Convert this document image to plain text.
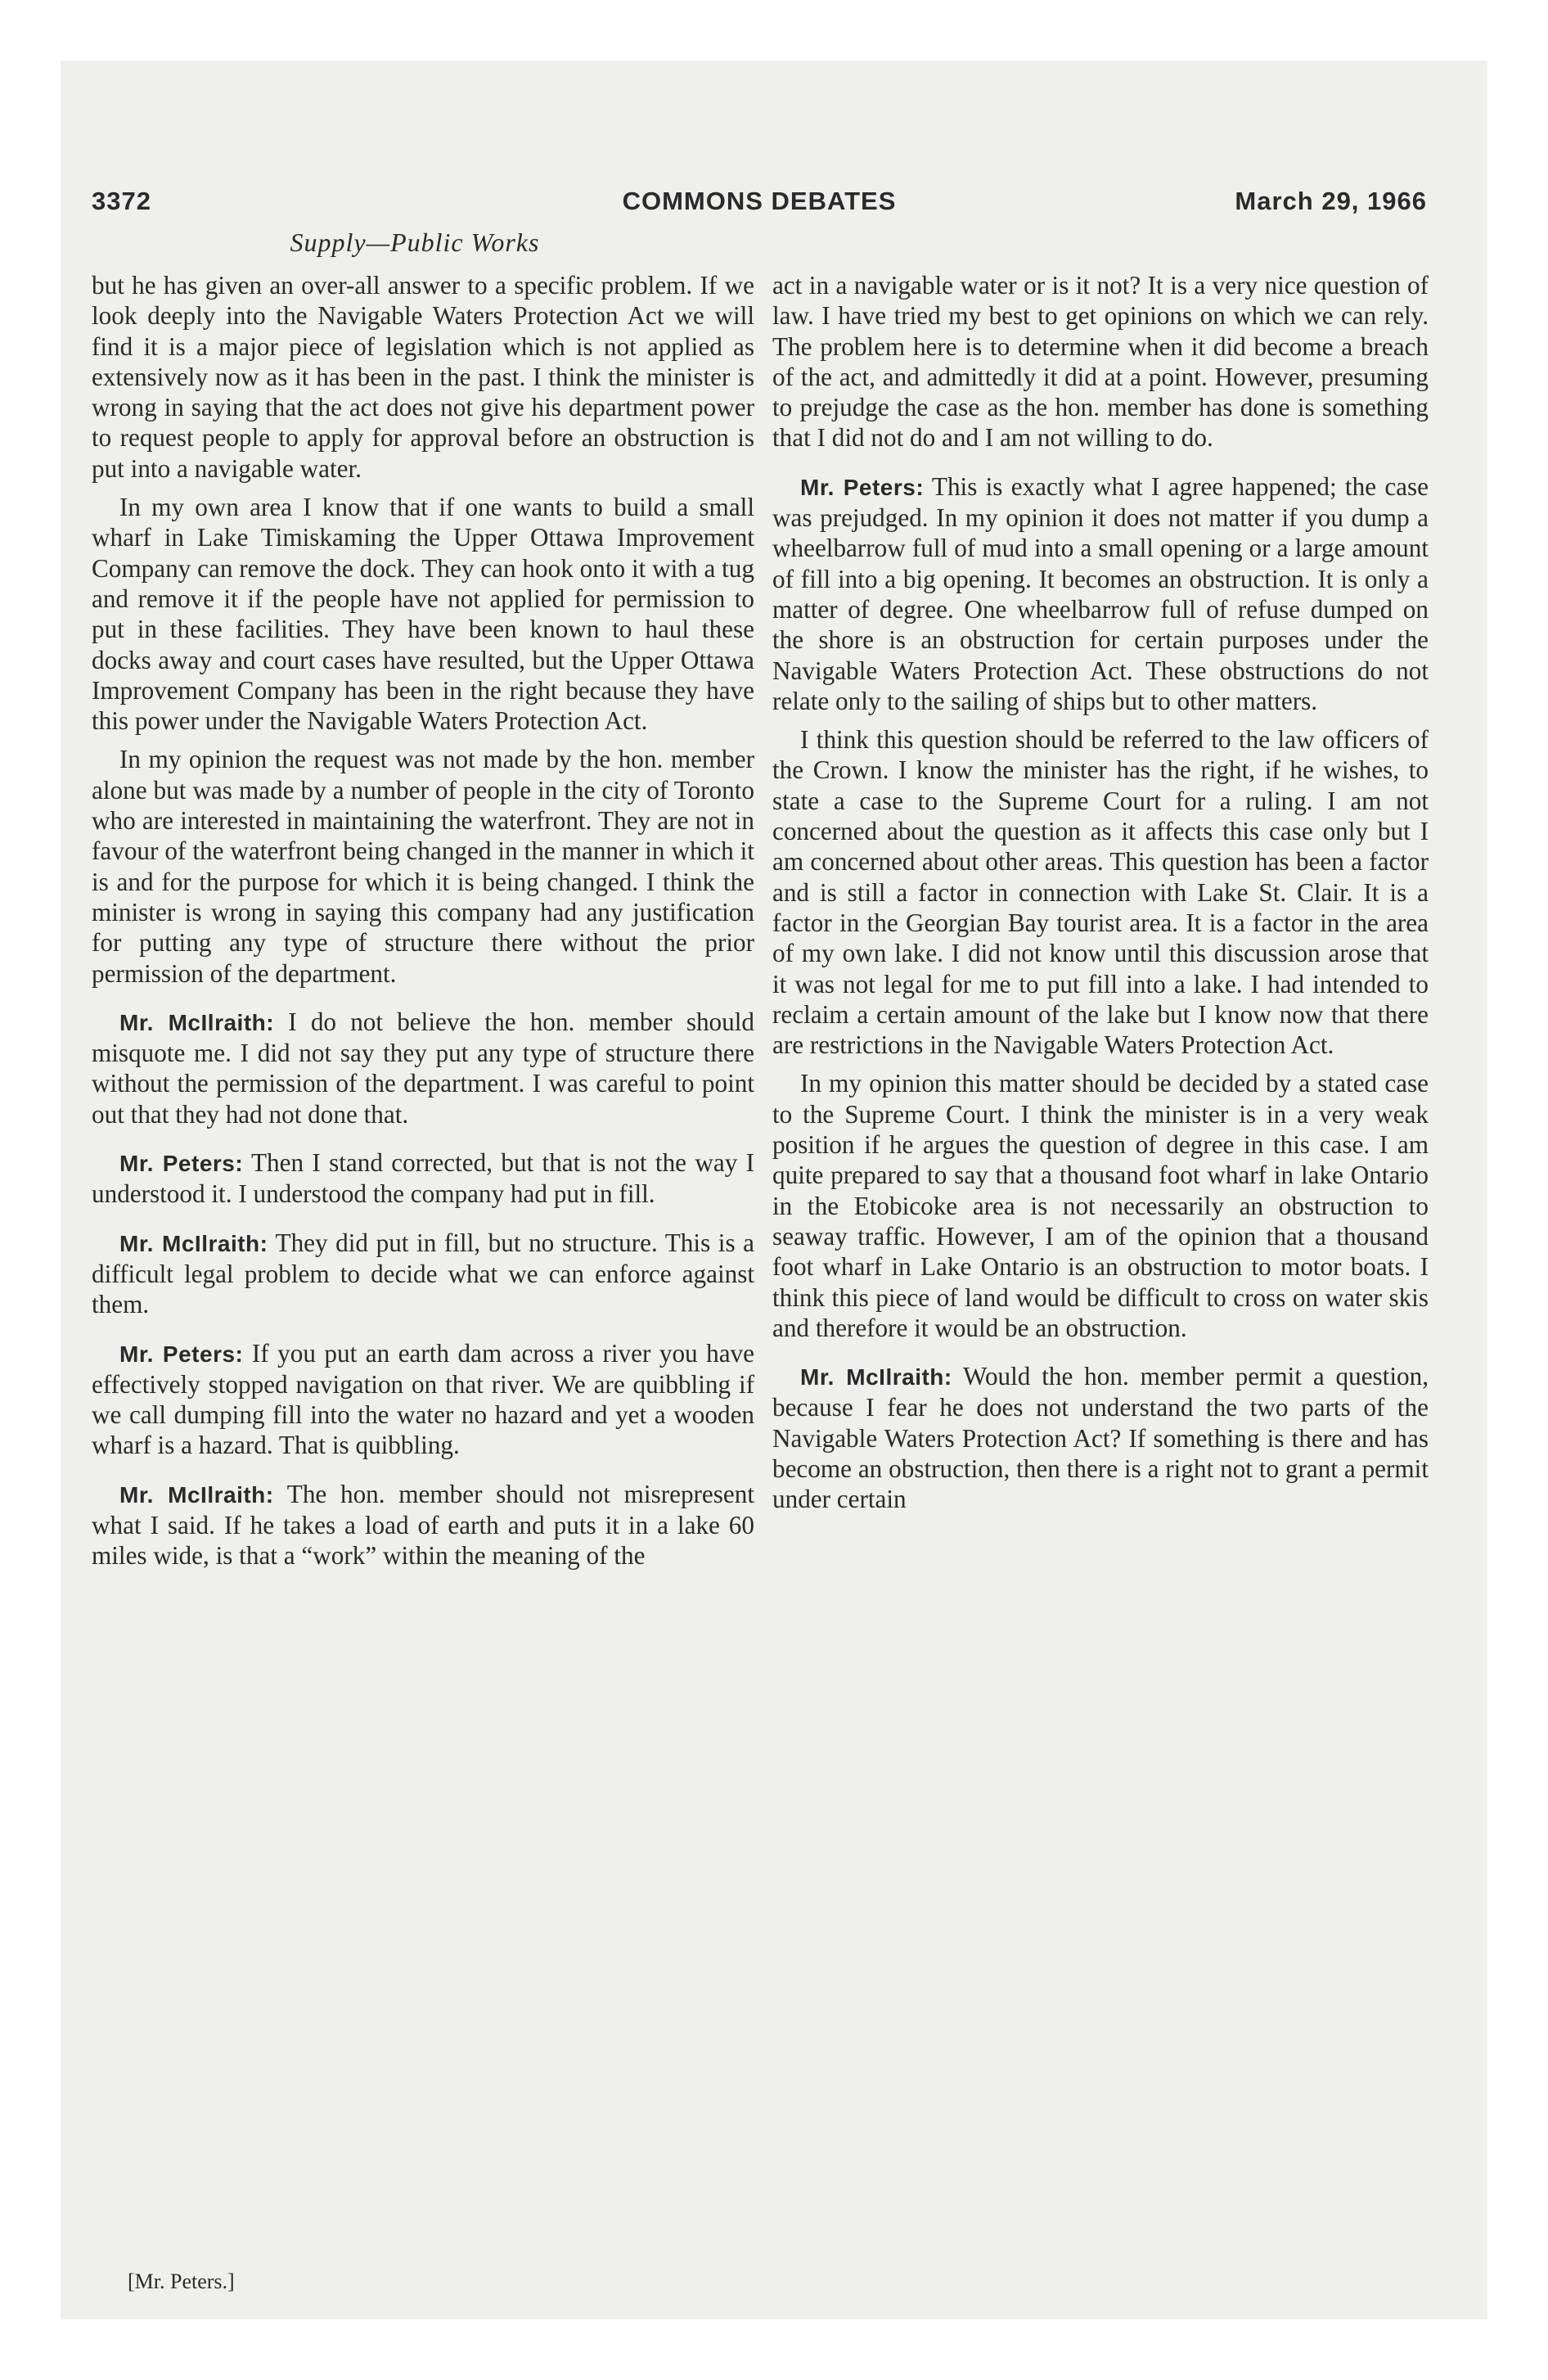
3372	COMMONS DEBATES	March 29, 1966
Supply—Public Works

but he has given an over-all answer to a specific problem. If we look deeply into the Navigable Waters Protection Act we will find it is a major piece of legislation which is not applied as extensively now as it has been in the past. I think the minister is wrong in saying that the act does not give his department power to request people to apply for approval before an obstruction is put into a navigable water.

In my own area I know that if one wants to build a small wharf in Lake Timiskaming the Upper Ottawa Improvement Company can remove the dock. They can hook onto it with a tug and remove it if the people have not applied for permission to put in these facilities. They have been known to haul these docks away and court cases have resulted, but the Upper Ottawa Improvement Company has been in the right because they have this power under the Navigable Waters Protection Act.

In my opinion the request was not made by the hon. member alone but was made by a number of people in the city of Toronto who are interested in maintaining the waterfront. They are not in favour of the waterfront being changed in the manner in which it is and for the purpose for which it is being changed. I think the minister is wrong in saying this company had any justification for putting any type of structure there without the prior permission of the department.

Mr. McIlraith: I do not believe the hon. member should misquote me. I did not say they put any type of structure there without the permission of the department. I was careful to point out that they had not done that.

Mr. Peters: Then I stand corrected, but that is not the way I understood it. I understood the company had put in fill.

Mr. McIlraith: They did put in fill, but no structure. This is a difficult legal problem to decide what we can enforce against them.

Mr. Peters: If you put an earth dam across a river you have effectively stopped navigation on that river. We are quibbling if we call dumping fill into the water no hazard and yet a wooden wharf is a hazard. That is quibbling.

Mr. McIlraith: The hon. member should not misrepresent what I said. If he takes a load of earth and puts it in a lake 60 miles wide, is that a “work” within the meaning of the

act in a navigable water or is it not? It is a very nice question of law. I have tried my best to get opinions on which we can rely. The problem here is to determine when it did become a breach of the act, and admittedly it did at a point. However, presuming to prejudge the case as the hon. member has done is something that I did not do and I am not willing to do.

Mr. Peters: This is exactly what I agree happened; the case was prejudged. In my opinion it does not matter if you dump a wheelbarrow full of mud into a small opening or a large amount of fill into a big opening. It becomes an obstruction. It is only a matter of degree. One wheelbarrow full of refuse dumped on the shore is an obstruction for certain purposes under the Navigable Waters Protection Act. These obstructions do not relate only to the sailing of ships but to other matters.

I think this question should be referred to the law officers of the Crown. I know the minister has the right, if he wishes, to state a case to the Supreme Court for a ruling. I am not concerned about the question as it affects this case only but I am concerned about other areas. This question has been a factor and is still a factor in connection with Lake St. Clair. It is a factor in the Georgian Bay tourist area. It is a factor in the area of my own lake. I did not know until this discussion arose that it was not legal for me to put fill into a lake. I had intended to reclaim a certain amount of the lake but I know now that there are restrictions in the Navigable Waters Protection Act.

In my opinion this matter should be decided by a stated case to the Supreme Court. I think the minister is in a very weak position if he argues the question of degree in this case. I am quite prepared to say that a thousand foot wharf in lake Ontario in the Etobicoke area is not necessarily an obstruction to seaway traffic. However, I am of the opinion that a thousand foot wharf in Lake Ontario is an obstruction to motor boats. I think this piece of land would be difficult to cross on water skis and therefore it would be an obstruction.

Mr. McIlraith: Would the hon. member permit a question, because I fear he does not understand the two parts of the Navigable Waters Protection Act? If something is there and has become an obstruction, then there is a right not to grant a permit under certain

[Mr. Peters.]
